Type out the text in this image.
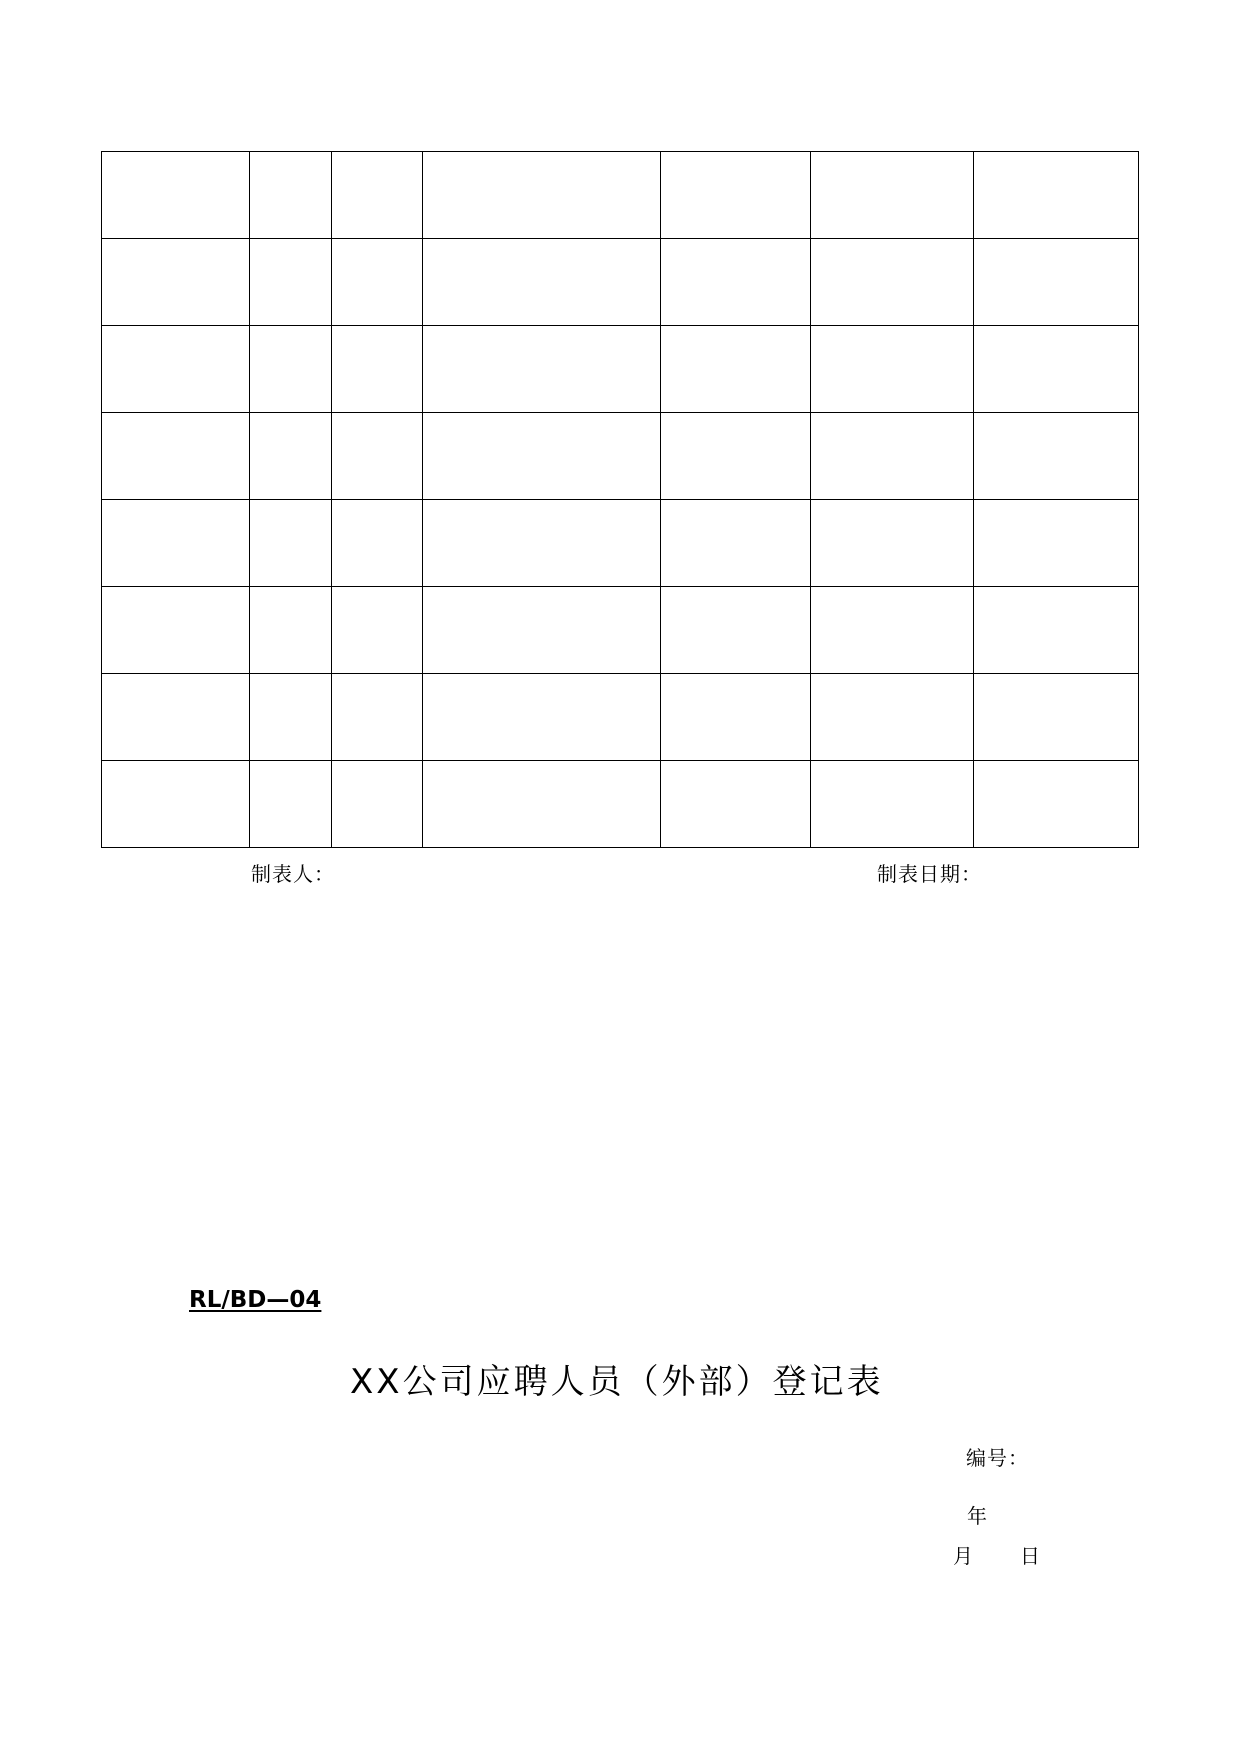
制表人：	制表日期：
RL/BD—04
XX公司应聘人员（外部）登记表
编号：
年
月 日
